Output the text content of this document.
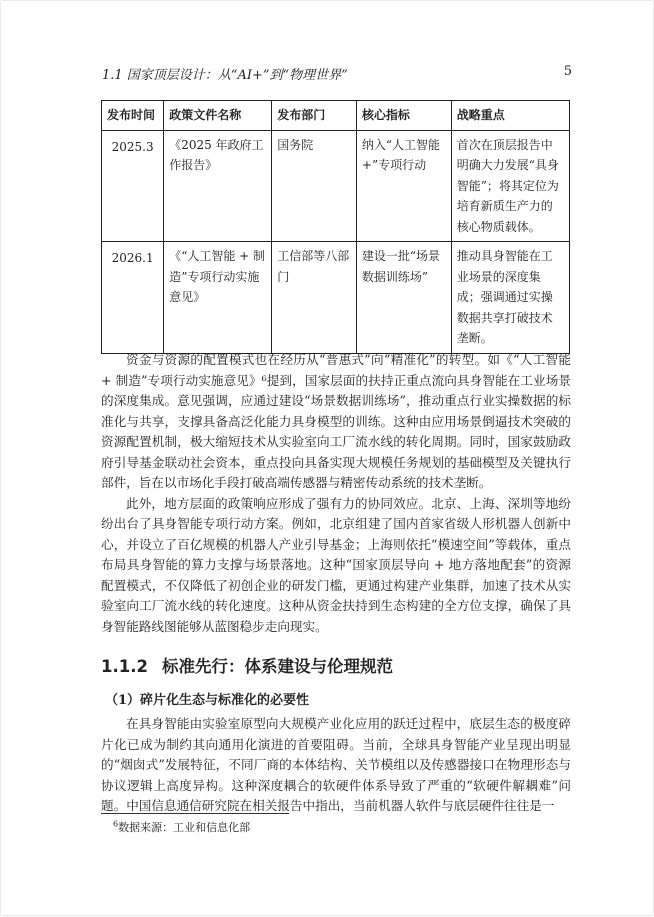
1.1 国家顶层设计：从“AI+”到“物理世界”	5
发布时间	政策文件名称	发布部门	核心指标	战略重点
2025.3	《2025 年政府工作报告》	国务院	纳入“人工智能+”专项行动	首次在顶层报告中明确大力发展“具身智能”；将其定位为培育新质生产力的核心物质载体。
2026.1	《“人工智能 + 制造”专项行动实施意见》	工信部等八部门	建设一批“场景数据训练场”	推动具身智能在工业场景的深度集成；强调通过实操数据共享打破技术垄断。

资金与资源的配置模式也在经历从“普惠式”向“精准化”的转型。如《“人工智能 + 制造”专项行动实施意见》⁶提到，国家层面的扶持正重点流向具身智能在工业场景的深度集成。意见强调，应通过建设“场景数据训练场”，推动重点行业实操数据的标准化与共享，支撑具备高泛化能力具身模型的训练。这种由应用场景倒逼技术突破的资源配置机制，极大缩短技术从实验室向工厂流水线的转化周期。同时，国家鼓励政府引导基金联动社会资本，重点投向具备实现大规模任务规划的基础模型及关键执行部件，旨在以市场化手段打破高端传感器与精密传动系统的技术垄断。

此外，地方层面的政策响应形成了强有力的协同效应。北京、上海、深圳等地纷纷出台了具身智能专项行动方案。例如，北京组建了国内首家省级人形机器人创新中心，并设立了百亿规模的机器人产业引导基金；上海则依托“模速空间”等载体，重点布局具身智能的算力支撑与场景落地。这种“国家顶层导向 + 地方落地配套”的资源配置模式，不仅降低了初创企业的研发门槛，更通过构建产业集群，加速了技术从实验室向工厂流水线的转化速度。这种从资金扶持到生态构建的全方位支撑，确保了具身智能路线图能够从蓝图稳步走向现实。

1.1.2 标准先行：体系建设与伦理规范
（1）碎片化生态与标准化的必要性

在具身智能由实验室原型向大规模产业化应用的跃迁过程中，底层生态的极度碎片化已成为制约其向通用化演进的首要阻碍。当前，全球具身智能产业呈现出明显的“烟囱式”发展特征，不同厂商的本体结构、关节模组以及传感器接口在物理形态与协议逻辑上高度异构。这种深度耦合的软硬件体系导致了严重的“软硬件解耦难”问题。中国信息通信研究院在相关报告中指出，当前机器人软件与底层硬件往往是一

$^6$数据来源：工业和信息化部
